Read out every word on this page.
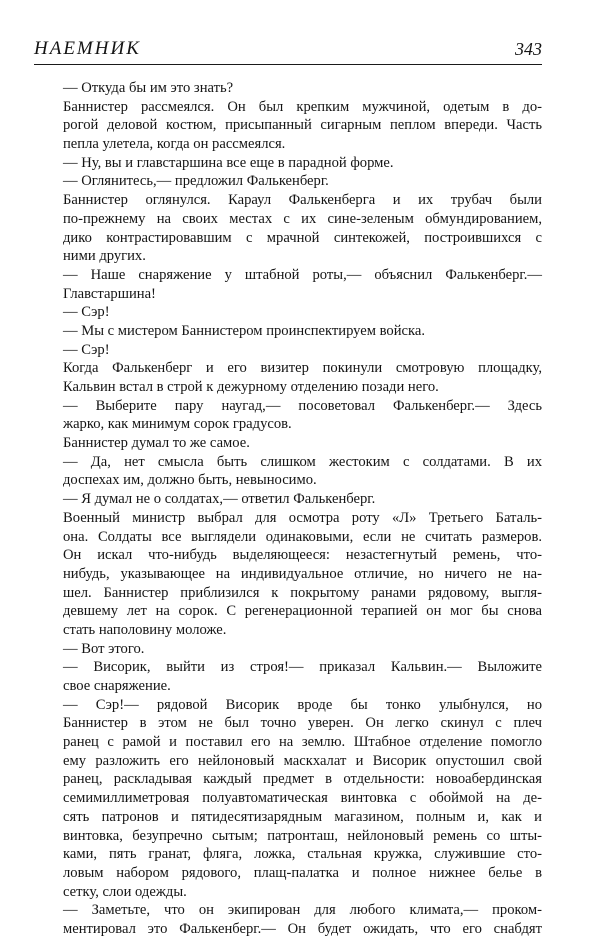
НАЕМНИК	343
— Откуда бы им это знать?
Баннистер рассмеялся. Он был крепким мужчиной, одетым в до-
рогой деловой костюм, присыпанный сигарным пеплом впереди. Часть
пепла улетела, когда он рассмеялся.
— Ну, вы и главстаршина все еще в парадной форме.
— Оглянитесь,— предложил Фалькенберг.
Баннистер оглянулся. Караул Фалькенберга и их трубач были
по-прежнему на своих местах с их сине-зеленым обмундированием,
дико контрастировавшим с мрачной синтекожей, построившихся с
ними других.
— Наше снаряжение у штабной роты,— объяснил Фалькенберг.—
Главстаршина!
— Сэр!
— Мы с мистером Баннистером проинспектируем войска.
— Сэр!
Когда Фалькенберг и его визитер покинули смотровую площадку,
Кальвин встал в строй к дежурному отделению позади него.
— Выберите пару наугад,— посоветовал Фалькенберг.— Здесь
жарко, как минимум сорок градусов.
Баннистер думал то же самое.
— Да, нет смысла быть слишком жестоким с солдатами. В их
доспехах им, должно быть, невыносимо.
— Я думал не о солдатах,— ответил Фалькенберг.
Военный министр выбрал для осмотра роту «Л» Третьего Баталь-
она. Солдаты все выглядели одинаковыми, если не считать размеров.
Он искал что-нибудь выделяющееся: незастегнутый ремень, что-
нибудь, указывающее на индивидуальное отличие, но ничего не на-
шел. Баннистер приблизился к покрытому ранами рядовому, выгля-
девшему лет на сорок. С регенерационной терапией он мог бы снова
стать наполовину моложе.
— Вот этого.
— Висорик, выйти из строя!— приказал Кальвин.— Выложите
свое снаряжение.
— Сэр!— рядовой Висорик вроде бы тонко улыбнулся, но
Баннистер в этом не был точно уверен. Он легко скинул с плеч
ранец с рамой и поставил его на землю. Штабное отделение помогло
ему разложить его нейлоновый маскхалат и Висорик опустошил свой
ранец, раскладывая каждый предмет в отдельности: новоабердинская
семимиллиметровая полуавтоматическая винтовка с обоймой на де-
сять патронов и пятидесятизарядным магазином, полным и, как и
винтовка, безупречно сытым; патронташ, нейлоновый ремень со шты-
ками, пять гранат, фляга, ложка, стальная кружка, служившие сто-
ловым набором рядового, плащ-палатка и полное нижнее белье в
сетку, слои одежды.
— Заметьте, что он экипирован для любого климата,— проком-
ментировал это Фалькенберг.— Он будет ожидать, что его снабдят
